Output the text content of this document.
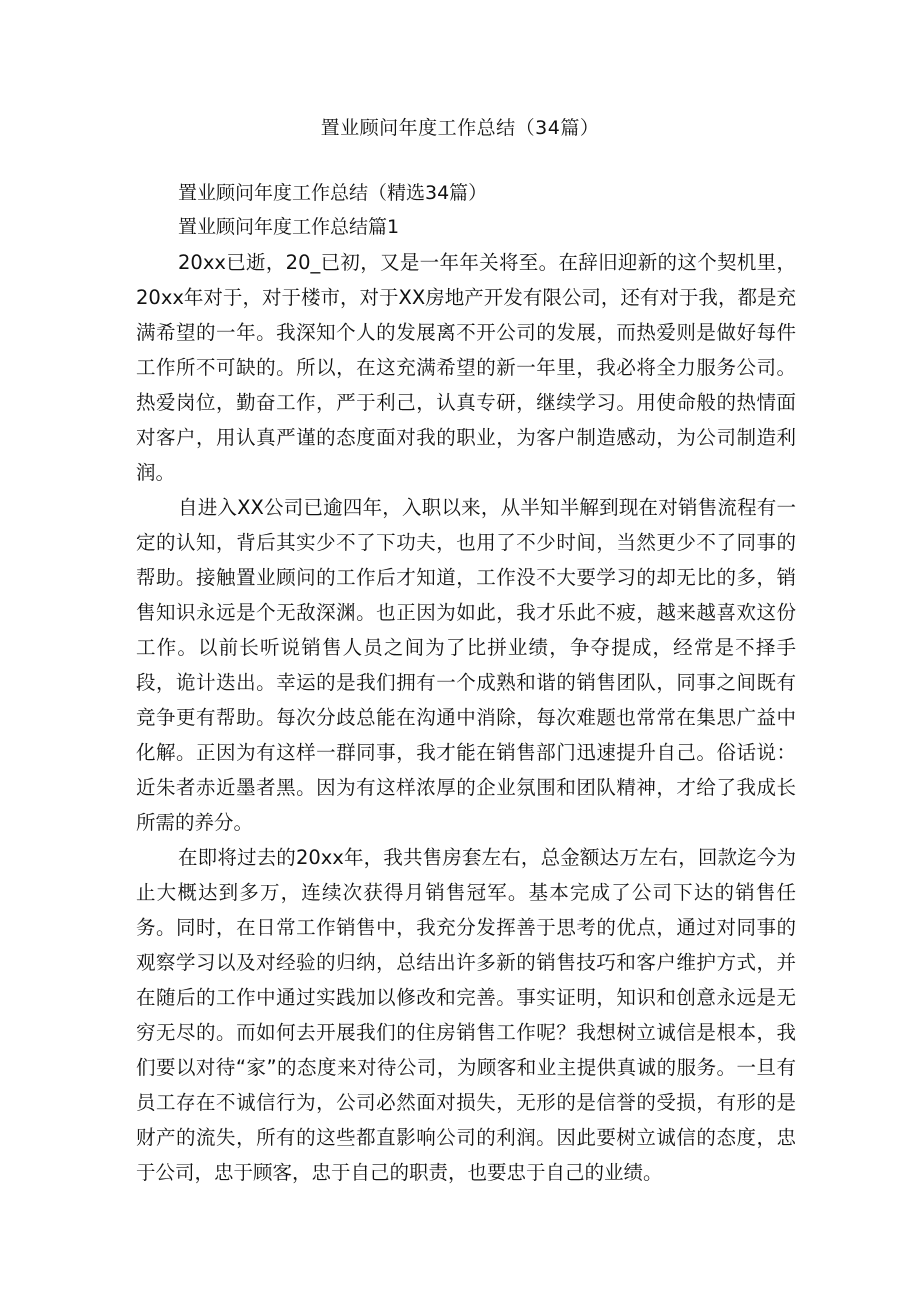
置业顾问年度工作总结（34篇）
置业顾问年度工作总结（精选34篇）
置业顾问年度工作总结篇1

20xx已逝，20_已初，又是一年年关将至。在辞旧迎新的这个契机里，20xx年对于，对于楼市，对于XX房地产开发有限公司，还有对于我，都是充满希望的一年。我深知个人的发展离不开公司的发展，而热爱则是做好每件工作所不可缺的。所以，在这充满希望的新一年里，我必将全力服务公司。热爱岗位，勤奋工作，严于利己，认真专研，继续学习。用使命般的热情面对客户，用认真严谨的态度面对我的职业，为客户制造感动，为公司制造利润。

自进入XX公司已逾四年，入职以来，从半知半解到现在对销售流程有一定的认知，背后其实少不了下功夫，也用了不少时间，当然更少不了同事的帮助。接触置业顾问的工作后才知道，工作没不大要学习的却无比的多，销售知识永远是个无敌深渊。也正因为如此，我才乐此不疲，越来越喜欢这份工作。以前长听说销售人员之间为了比拼业绩，争夺提成，经常是不择手段，诡计迭出。幸运的是我们拥有一个成熟和谐的销售团队，同事之间既有竞争更有帮助。每次分歧总能在沟通中消除，每次难题也常常在集思广益中化解。正因为有这样一群同事，我才能在销售部门迅速提升自己。俗话说：近朱者赤近墨者黑。因为有这样浓厚的企业氛围和团队精神，才给了我成长所需的养分。

在即将过去的20xx年，我共售房套左右，总金额达万左右，回款迄今为止大概达到多万，连续次获得月销售冠军。基本完成了公司下达的销售任务。同时，在日常工作销售中，我充分发挥善于思考的优点，通过对同事的观察学习以及对经验的归纳，总结出许多新的销售技巧和客户维护方式，并在随后的工作中通过实践加以修改和完善。事实证明，知识和创意永远是无穷无尽的。而如何去开展我们的住房销售工作呢？我想树立诚信是根本，我们要以对待“家”的态度来对待公司，为顾客和业主提供真诚的服务。一旦有员工存在不诚信行为，公司必然面对损失，无形的是信誉的受损，有形的是财产的流失，所有的这些都直影响公司的利润。因此要树立诚信的态度，忠于公司，忠于顾客，忠于自己的职责，也要忠于自己的业绩。
